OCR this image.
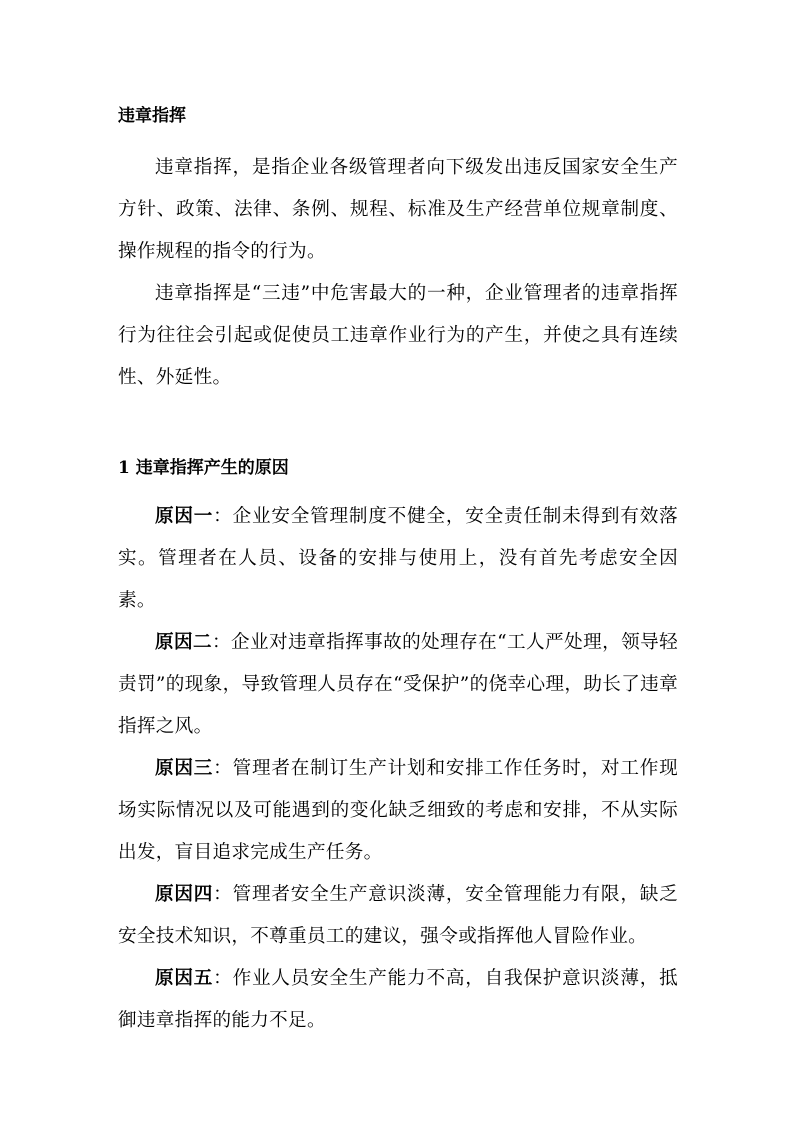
违章指挥

违章指挥，是指企业各级管理者向下级发出违反国家安全生产方针、政策、法律、条例、规程、标准及生产经营单位规章制度、操作规程的指令的行为。

违章指挥是“三违”中危害最大的一种，企业管理者的违章指挥行为往往会引起或促使员工违章作业行为的产生，并使之具有连续性、外延性。

1 违章指挥产生的原因

原因一：企业安全管理制度不健全，安全责任制未得到有效落实。管理者在人员、设备的安排与使用上，没有首先考虑安全因素。

原因二：企业对违章指挥事故的处理存在“工人严处理，领导轻责罚”的现象，导致管理人员存在“受保护”的侥幸心理，助长了违章指挥之风。

原因三：管理者在制订生产计划和安排工作任务时，对工作现场实际情况以及可能遇到的变化缺乏细致的考虑和安排，不从实际出发，盲目追求完成生产任务。

原因四：管理者安全生产意识淡薄，安全管理能力有限，缺乏安全技术知识，不尊重员工的建议，强令或指挥他人冒险作业。

原因五：作业人员安全生产能力不高，自我保护意识淡薄，抵御违章指挥的能力不足。
